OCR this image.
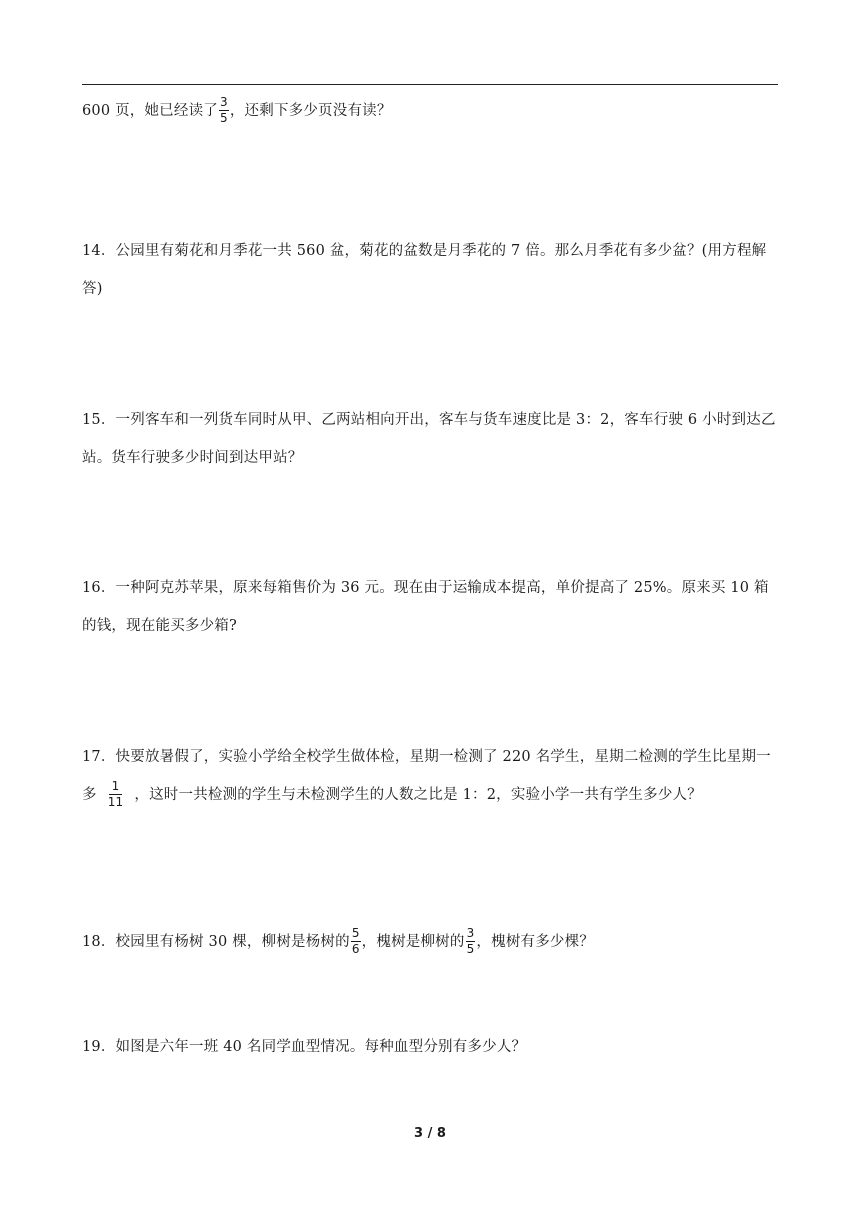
600 页，她已经读了 $\frac{3}{5}$ ，还剩下多少页没有读？
14．公园里有菊花和月季花一共 560 盆，菊花的盆数是月季花的 7 倍。那么月季花有多少盆？(用方程解答)
15．一列客车和一列货车同时从甲、乙两站相向开出，客车与货车速度比是 3：2，客车行驶 6 小时到达乙站。货车行驶多少时间到达甲站？
16．一种阿克苏苹果，原来每箱售价为 36 元。现在由于运输成本提高，单价提高了 25%。原来买 10 箱的钱，现在能买多少箱?
17．快要放暑假了，实验小学给全校学生做体检，星期一检测了 220 名学生，星期二检测的学生比星期一多 $\frac{1}{11}$ ，这时一共检测的学生与未检测学生的人数之比是 1：2，实验小学一共有学生多少人？
18．校园里有杨树 30 棵，柳树是杨树的 $\frac{5}{6}$ ，槐树是柳树的 $\frac{3}{5}$ ，槐树有多少棵？
19．如图是六年一班 40 名同学血型情况。每种血型分别有多少人？
3 / 8
